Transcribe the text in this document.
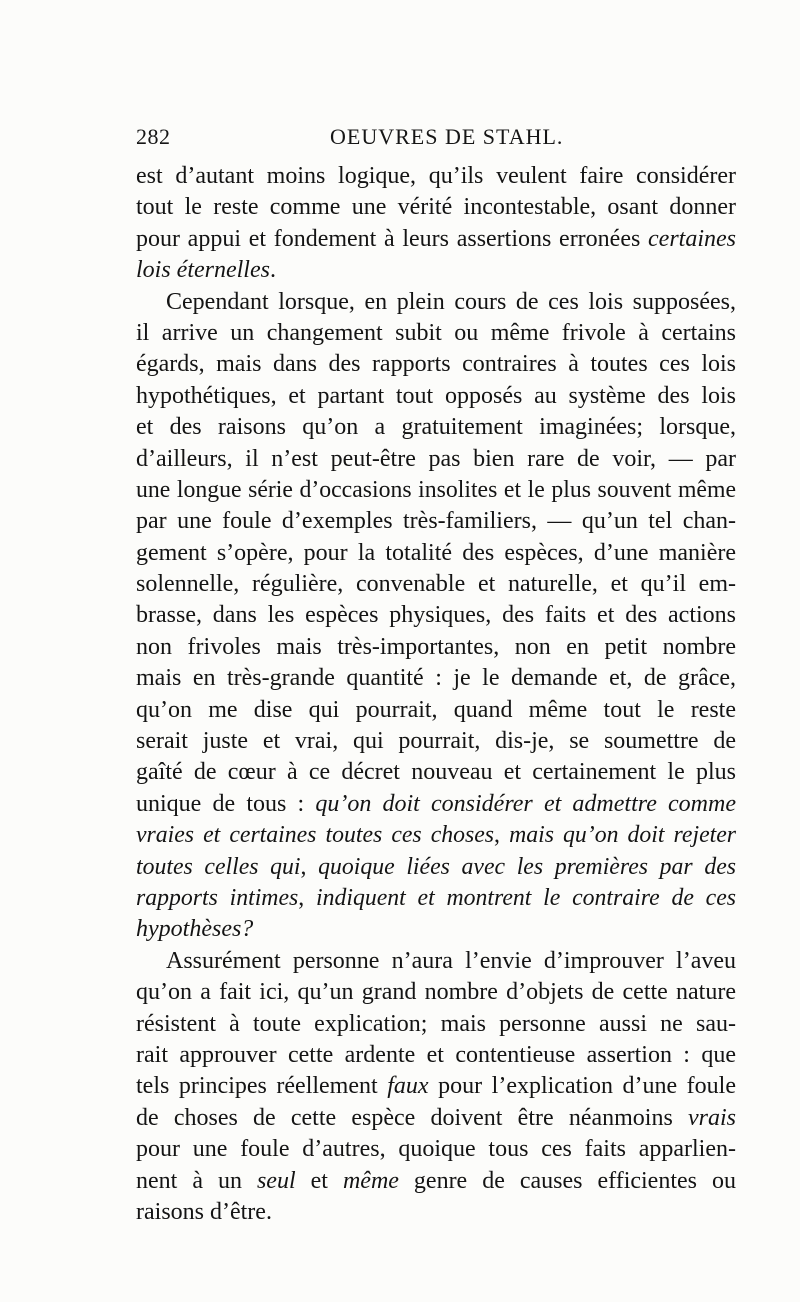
282	OEUVRES DE STAHL.
est d’autant moins logique, qu’ils veulent faire considérer
tout le reste comme une vérité incontestable, osant donner
pour appui et fondement à leurs assertions erronées certaines
lois éternelles.
Cependant lorsque, en plein cours de ces lois supposées,
il arrive un changement subit ou même frivole à certains
égards, mais dans des rapports contraires à toutes ces lois
hypothétiques, et partant tout opposés au système des lois
et des raisons qu’on a gratuitement imaginées; lorsque,
d’ailleurs, il n’est peut-être pas bien rare de voir, — par
une longue série d’occasions insolites et le plus souvent même
par une foule d’exemples très-familiers, — qu’un tel chan-
gement s’opère, pour la totalité des espèces, d’une manière
solennelle, régulière, convenable et naturelle, et qu’il em-
brasse, dans les espèces physiques, des faits et des actions
non frivoles mais très-importantes, non en petit nombre
mais en très-grande quantité : je le demande et, de grâce,
qu’on me dise qui pourrait, quand même tout le reste
serait juste et vrai, qui pourrait, dis-je, se soumettre de
gaîté de cœur à ce décret nouveau et certainement le plus
unique de tous : qu’on doit considérer et admettre comme
vraies et certaines toutes ces choses, mais qu’on doit rejeter
toutes celles qui, quoique liées avec les premières par des
rapports intimes, indiquent et montrent le contraire de ces
hypothèses?
Assurément personne n’aura l’envie d’improuver l’aveu
qu’on a fait ici, qu’un grand nombre d’objets de cette nature
résistent à toute explication; mais personne aussi ne sau-
rait approuver cette ardente et contentieuse assertion : que
tels principes réellement faux pour l’explication d’une foule
de choses de cette espèce doivent être néanmoins vrais
pour une foule d’autres, quoique tous ces faits apparlien-
nent à un seul et même genre de causes efficientes ou
raisons d’être.
